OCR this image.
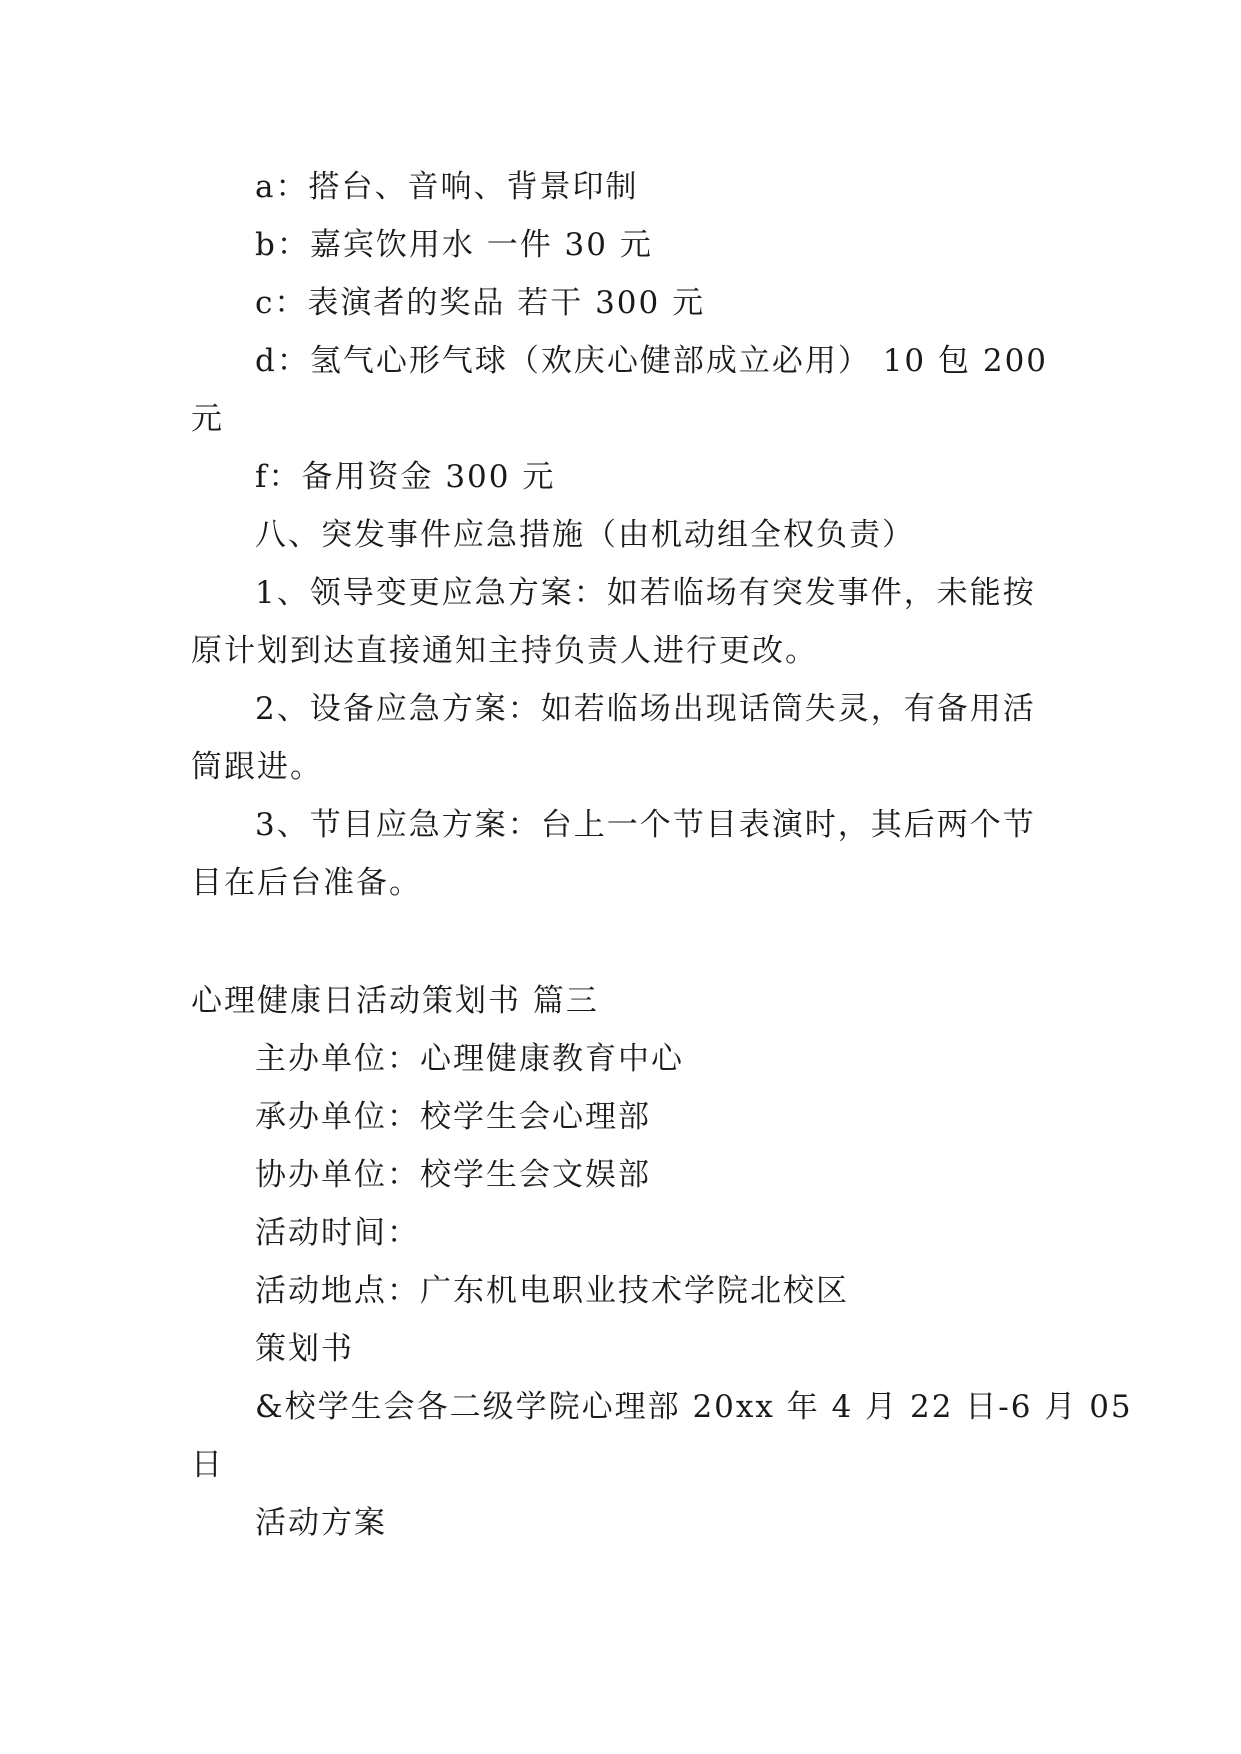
a：搭台、音响、背景印制
b：嘉宾饮用水 一件 30 元
c：表演者的奖品 若干 300 元
d：氢气心形气球（欢庆心健部成立必用） 10 包 200
元
f：备用资金 300 元
八、突发事件应急措施（由机动组全权负责）
1、领导变更应急方案：如若临场有突发事件，未能按
原计划到达直接通知主持负责人进行更改。
2、设备应急方案：如若临场出现话筒失灵，有备用活
筒跟进。
3、节目应急方案：台上一个节目表演时，其后两个节
目在后台准备。
心理健康日活动策划书 篇三
主办单位：心理健康教育中心
承办单位：校学生会心理部
协办单位：校学生会文娱部
活动时间：
活动地点：广东机电职业技术学院北校区
策划书
&校学生会各二级学院心理部 20xx 年 4 月 22 日-6 月 05
日
活动方案
